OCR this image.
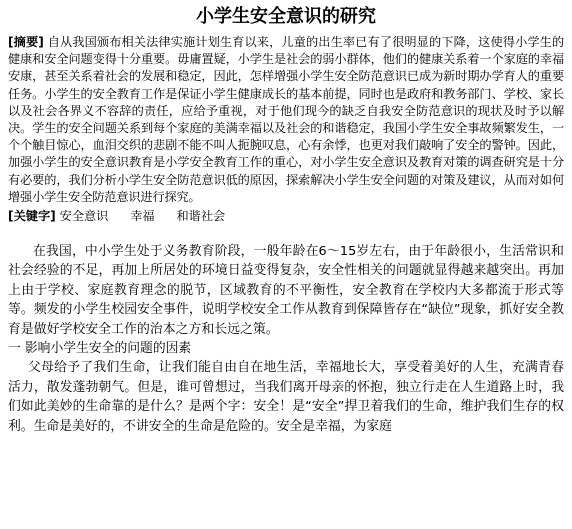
小学生安全意识的研究

[摘要] 自从我国颁布相关法律实施计划生育以来，儿童的出生率已有了很明显的下降，这使得小学生的健康和安全问题变得十分重要。毋庸置疑，小学生是社会的弱小群体，他们的健康关系着一个家庭的幸福安康，甚至关系着社会的发展和稳定，因此，怎样增强小学生安全防范意识已成为新时期办学育人的重要任务。小学生的安全教育工作是保证小学生健康成长的基本前提，同时也是政府和教务部门、学校、家长以及社会各界义不容辞的责任，应给予重视，对于他们现今的缺乏自我安全防范意识的现状及时予以解决。学生的安全问题关系到每个家庭的美满幸福以及社会的和谐稳定，我国小学生安全事故频繁发生，一个个触目惊心，血泪交织的悲剧不能不叫人扼腕叹息，心有余悸，也更对我们敲响了安全的警钟。因此，加强小学生的安全意识教育是小学安全教育工作的重心，对小学生安全意识及教育对策的调查研究是十分有必要的，我们分析小学生安全防范意识低的原因，探索解决小学生安全问题的对策及建议，从而对如何增强小学生安全防范意识进行探究。

[关键字] 安全意识 幸福 和谐社会

在我国，中小学生处于义务教育阶段，一般年龄在6～15岁左右，由于年龄很小，生活常识和社会经验的不足，再加上所居处的环境日益变得复杂，安全性相关的问题就显得越来越突出。再加上由于学校、家庭教育理念的脱节，区域教育的不平衡性，安全教育在学校内大多都流于形式等等。频发的小学生校园安全事件，说明学校安全工作从教育到保障皆存在“缺位”现象，抓好安全教育是做好学校安全工作的治本之方和长远之策。

一 影响小学生安全的问题的因素

父母给予了我们生命，让我们能自由自在地生活，幸福地长大，享受着美好的人生，充满青春活力，散发蓬勃朝气。但是，谁可曾想过，当我们离开母亲的怀抱，独立行走在人生道路上时，我们如此美妙的生命靠的是什么？是两个字：安全！是“安全”捍卫着我们的生命，维护我们生存的权利。生命是美好的，不讲安全的生命是危险的。安全是幸福，为家庭
